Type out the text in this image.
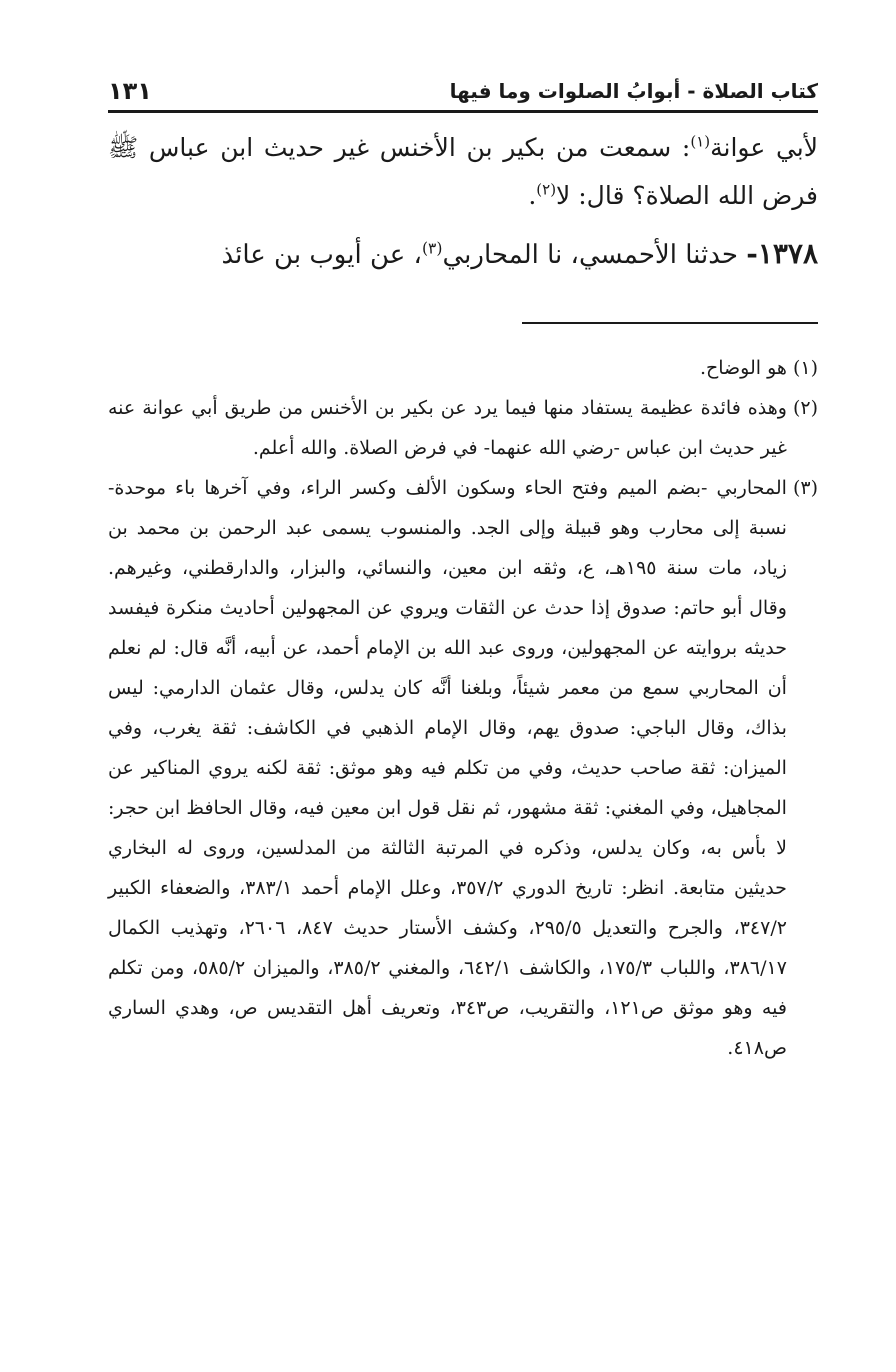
كتاب الصلاة - أبوابُ الصلوات وما فيها
١٣١

لأبي عوانة$^{(١)}$: سمعت من بكير بن الأخنس غير حديث ابن عباس ﷺ فرض الله الصلاة؟ قال: لا$^{(٢)}$.

١٣٧٨- حدثنا الأحمسي، نا المحاربي$^{(٣)}$، عن أيوب بن عائذ

(١)
هو الوضاح.
(٢)
وهذه فائدة عظيمة يستفاد منها فيما يرد عن بكير بن الأخنس من طريق أبي عوانة عنه غير حديث ابن عباس -رضي الله عنهما- في فرض الصلاة. والله أعلم.
(٣)
المحاربي -بضم الميم وفتح الحاء وسكون الألف وكسر الراء، وفي آخرها باء موحدة- نسبة إلى محارب وهو قبيلة وإلى الجد. والمنسوب يسمى عبد الرحمن بن محمد بن زياد، مات سنة ١٩٥هـ، ع، وثقه ابن معين، والنسائي، والبزار، والدارقطني، وغيرهم. وقال أبو حاتم: صدوق إذا حدث عن الثقات ويروي عن المجهولين أحاديث منكرة فيفسد حديثه بروايته عن المجهولين، وروى عبد الله بن الإمام أحمد، عن أبيه، أنَّه قال: لم نعلم أن المحاربي سمع من معمر شيئاً، وبلغنا أنَّه كان يدلس، وقال عثمان الدارمي: ليس بذاك، وقال الباجي: صدوق يهم، وقال الإمام الذهبي في الكاشف: ثقة يغرب، وفي الميزان: ثقة صاحب حديث، وفي من تكلم فيه وهو موثق: ثقة لكنه يروي المناكير عن المجاهيل، وفي المغني: ثقة مشهور، ثم نقل قول ابن معين فيه، وقال الحافظ ابن حجر: لا بأس به، وكان يدلس، وذكره في المرتبة الثالثة من المدلسين، وروى له البخاري حديثين متابعة. انظر: تاريخ الدوري ٣٥٧/٢، وعلل الإمام أحمد ٣٨٣/١، والضعفاء الكبير ٣٤٧/٢، والجرح والتعديل ٢٩٥/٥، وكشف الأستار حديث ٨٤٧، ٢٦٠٦، وتهذيب الكمال ٣٨٦/١٧، واللباب ١٧٥/٣، والكاشف ٦٤٢/١، والمغني ٣٨٥/٢، والميزان ٥٨٥/٢، ومن تكلم فيه وهو موثق ص١٢١، والتقريب، ص٣٤٣، وتعريف أهل التقديس ص، وهدي الساري ص٤١٨.
